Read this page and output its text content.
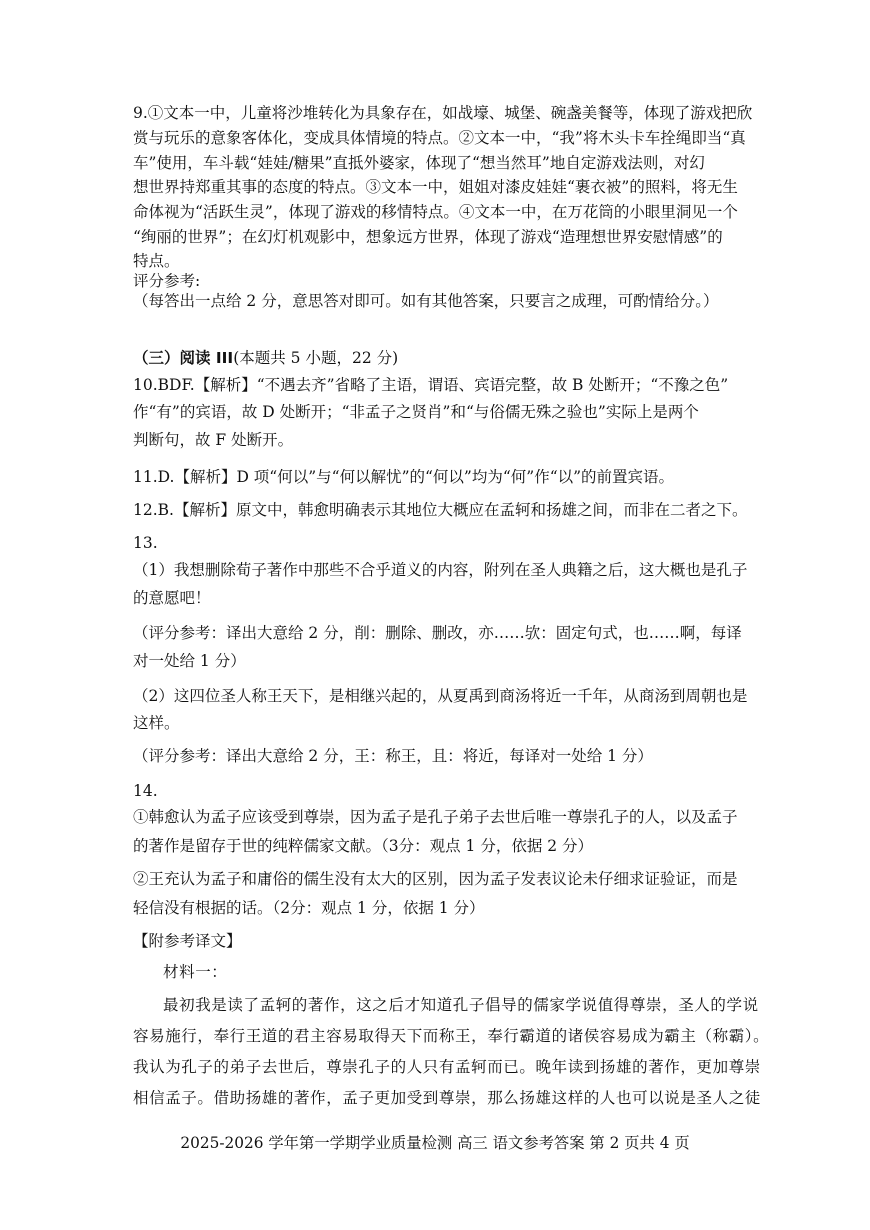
9.①文本一中，儿童将沙堆转化为具象存在，如战壕、城堡、碗盏美餐等，体现了游戏把欣
赏与玩乐的意象客体化，变成具体情境的特点。②文本一中，“我”将木头卡车拴绳即当“真
车”使用，车斗载“娃娃/糖果”直抵外婆家，体现了“想当然耳”地自定游戏法则，对幻
想世界持郑重其事的态度的特点。③文本一中，姐姐对漆皮娃娃“裹衣被”的照料，将无生
命体视为“活跃生灵”，体现了游戏的移情特点。④文本一中，在万花筒的小眼里洞见一个
“绚丽的世界”；在幻灯机观影中，想象远方世界，体现了游戏“造理想世界安慰情感”的
特点。
评分参考:
（每答出一点给 2 分，意思答对即可。如有其他答案，只要言之成理，可酌情给分。）
（三）阅读 III(本题共 5 小题，22 分)
10.BDF.【解析】“不遇去齐”省略了主语，谓语、宾语完整，故 B 处断开；“不豫之色”
作“有”的宾语，故 D 处断开；“非孟子之贤肖”和“与俗儒无殊之验也”实际上是两个
判断句，故 F 处断开。
11.D.【解析】D 项“何以”与“何以解忧”的“何以”均为“何”作“以”的前置宾语。
12.B.【解析】原文中，韩愈明确表示其地位大概应在孟轲和扬雄之间，而非在二者之下。
13.
（1）我想删除荀子著作中那些不合乎道义的内容，附列在圣人典籍之后，这大概也是孔子
的意愿吧！
（评分参考：译出大意给 2 分，削：删除、删改，亦……欤：固定句式，也……啊，每译
对一处给 1 分）
（2）这四位圣人称王天下，是相继兴起的，从夏禹到商汤将近一千年，从商汤到周朝也是
这样。
（评分参考：译出大意给 2 分，王：称王，且：将近，每译对一处给 1 分）
14.
①韩愈认为孟子应该受到尊崇，因为孟子是孔子弟子去世后唯一尊崇孔子的人，以及孟子
的著作是留存于世的纯粹儒家文献。（3分：观点 1 分，依据 2 分）
②王充认为孟子和庸俗的儒生没有太大的区别，因为孟子发表议论未仔细求证验证，而是
轻信没有根据的话。（2分：观点 1 分，依据 1 分）
【附参考译文】
材料一：
最初我是读了孟轲的著作，这之后才知道孔子倡导的儒家学说值得尊崇，圣人的学说
容易施行，奉行王道的君主容易取得天下而称王，奉行霸道的诸侯容易成为霸主（称霸）。
我认为孔子的弟子去世后，尊崇孔子的人只有孟轲而已。晚年读到扬雄的著作，更加尊崇
相信孟子。借助扬雄的著作，孟子更加受到尊崇，那么扬雄这样的人也可以说是圣人之徒
2025-2026 学年第一学期学业质量检测 高三 语文参考答案 第 2 页共 4 页
